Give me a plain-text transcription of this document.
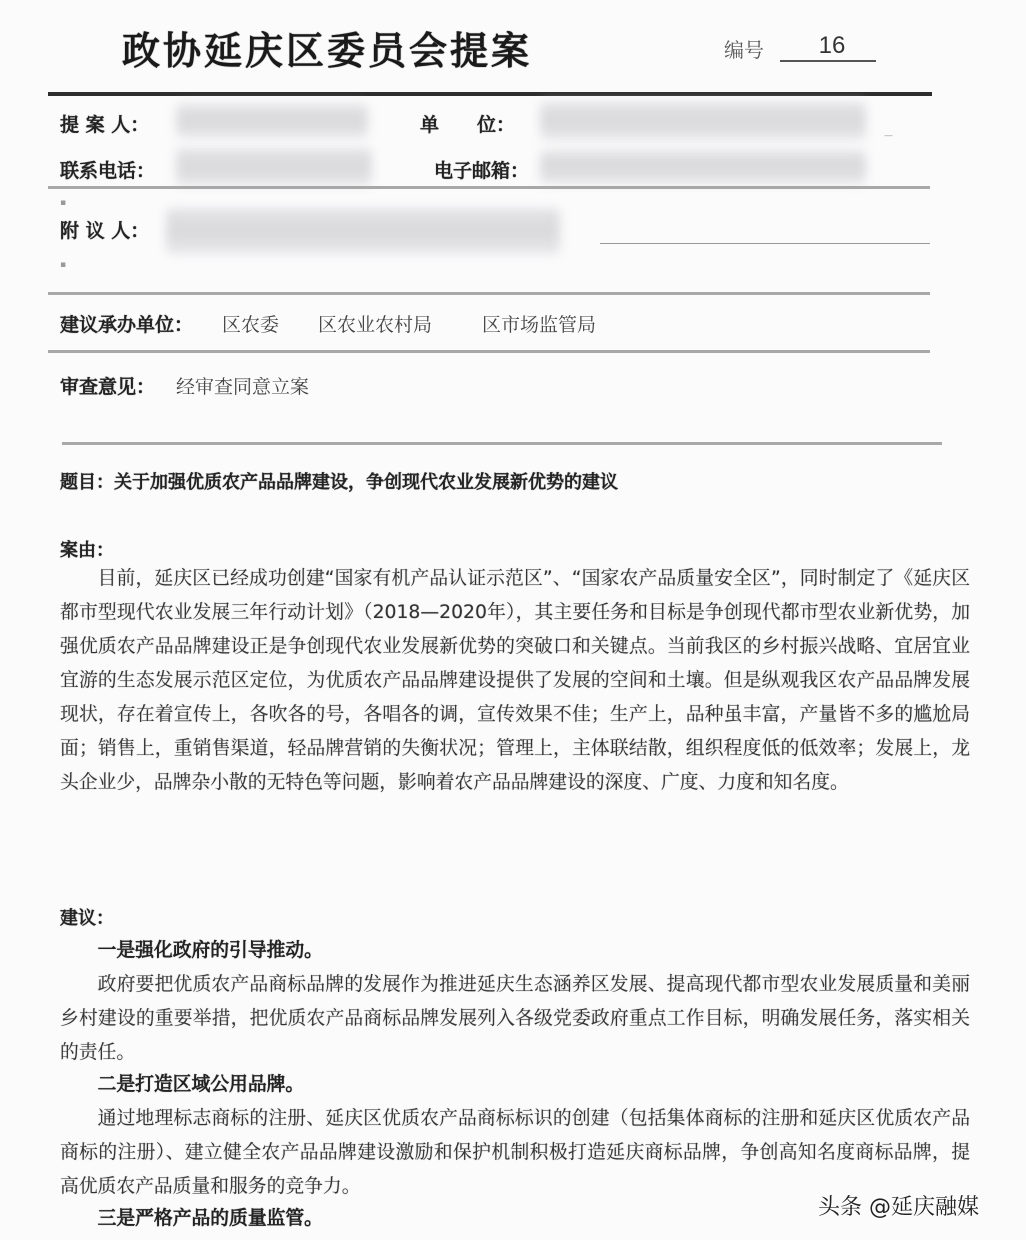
政协延庆区委员会提案	编号	16
提 案 人：	单　　位：	—
联系电话：	电子邮箱：
▪
附 议 人：
▪
建议承办单位： 区农委 区农业农村局	区市场监管局
审查意见： 经审查同意立案
题目：关于加强优质农产品品牌建设，争创现代农业发展新优势的建议
案由：
目前，延庆区已经成功创建“国家有机产品认证示范区”、“国家农产品质量安全区”，同时制定了《延庆区都市型现代农业发展三年行动计划》（2018—2020年），其主要任务和目标是争创现代都市型农业新优势，加强优质农产品品牌建设正是争创现代农业发展新优势的突破口和关键点。当前我区的乡村振兴战略、宜居宜业宜游的生态发展示范区定位，为优质农产品品牌建设提供了发展的空间和土壤。但是纵观我区农产品品牌发展现状，存在着宣传上，各吹各的号，各唱各的调，宣传效果不佳；生产上，品种虽丰富，产量皆不多的尴尬局面；销售上，重销售渠道，轻品牌营销的失衡状况；管理上，主体联结散，组织程度低的低效率；发展上，龙头企业少，品牌杂小散的无特色等问题，影响着农产品品牌建设的深度、广度、力度和知名度。
建议：
一是强化政府的引导推动。
政府要把优质农产品商标品牌的发展作为推进延庆生态涵养区发展、提高现代都市型农业发展质量和美丽乡村建设的重要举措，把优质农产品商标品牌发展列入各级党委政府重点工作目标，明确发展任务，落实相关的责任。
二是打造区域公用品牌。
通过地理标志商标的注册、延庆区优质农产品商标标识的创建（包括集体商标的注册和延庆区优质农产品商标的注册）、建立健全农产品品牌建设激励和保护机制积极打造延庆商标品牌，争创高知名度商标品牌，提高优质农产品质量和服务的竞争力。
三是严格产品的质量监管。	头条 @延庆融媒
